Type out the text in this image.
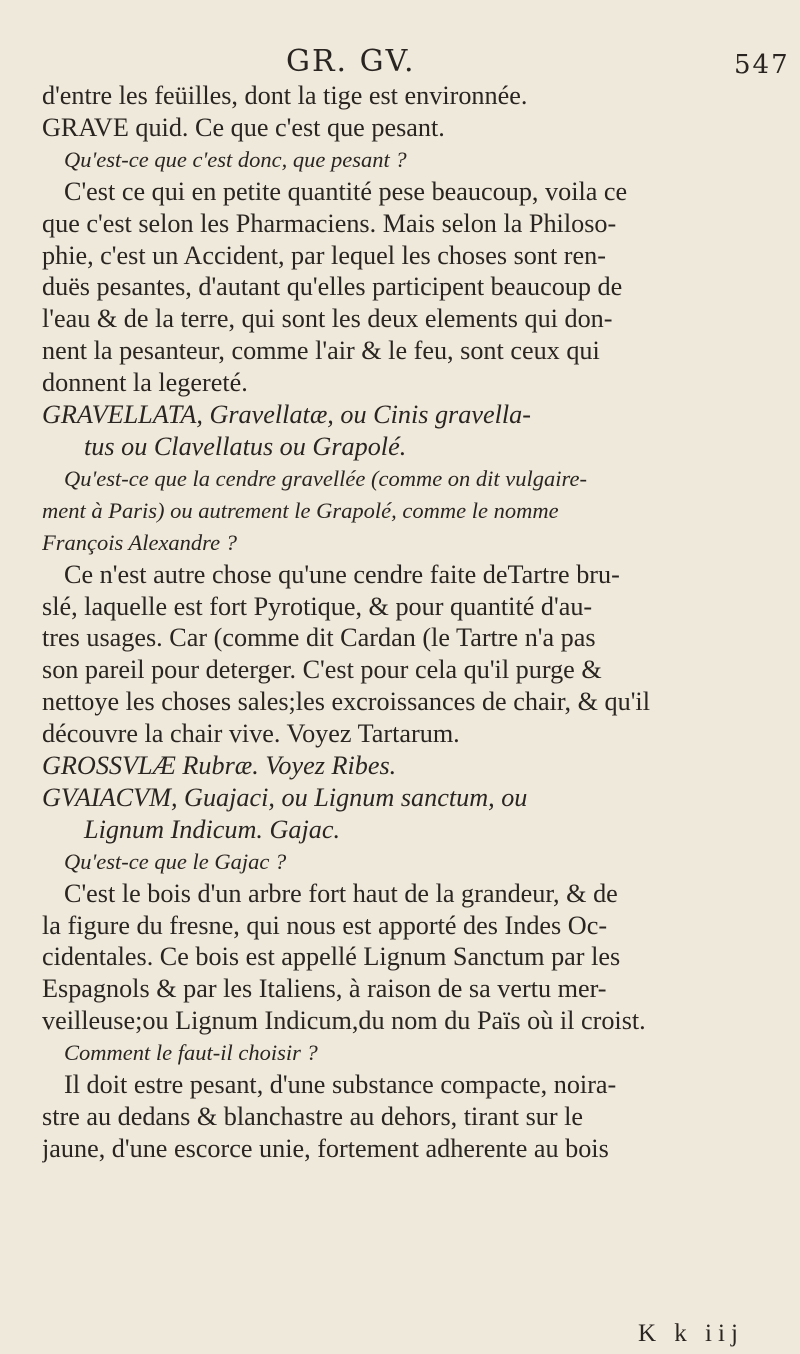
GR. GV.	547
d'entre les feüilles, dont la tige est environnée.
GRAVE quid. Ce que c'est que pesant.
Qu'est-ce que c'est donc, que pesant ?
C'est ce qui en petite quantité pese beaucoup, voila ce
que c'est selon les Pharmaciens. Mais selon la Philoso-
phie, c'est un Accident, par lequel les choses sont ren-
duës pesantes, d'autant qu'elles participent beaucoup de
l'eau & de la terre, qui sont les deux elements qui don-
nent la pesanteur, comme l'air & le feu, sont ceux qui
donnent la legereté.
GRAVELLATA, Gravellatæ, ou Cinis gravella-
tus ou Clavellatus ou Grapolé.
Qu'est-ce que la cendre gravellée (comme on dit vulgaire-
ment à Paris) ou autrement le Grapolé, comme le nomme
François Alexandre ?
Ce n'est autre chose qu'une cendre faite deTartre bru-
slé, laquelle est fort Pyrotique, & pour quantité d'au-
tres usages. Car (comme dit Cardan (le Tartre n'a pas
son pareil pour deterger. C'est pour cela qu'il purge &
nettoye les choses sales;les excroissances de chair, & qu'il
découvre la chair vive. Voyez Tartarum.
GROSSVLÆ Rubræ. Voyez Ribes.
GVAIACVM, Guajaci, ou Lignum sanctum, ou
Lignum Indicum. Gajac.
Qu'est-ce que le Gajac ?
C'est le bois d'un arbre fort haut de la grandeur, & de
la figure du fresne, qui nous est apporté des Indes Oc-
cidentales. Ce bois est appellé Lignum Sanctum par les
Espagnols & par les Italiens, à raison de sa vertu mer-
veilleuse;ou Lignum Indicum,du nom du Païs où il croist.
Comment le faut-il choisir ?
Il doit estre pesant, d'une substance compacte, noira-
stre au dedans & blanchastre au dehors, tirant sur le
jaune, d'une escorce unie, fortement adherente au bois
K k iij
